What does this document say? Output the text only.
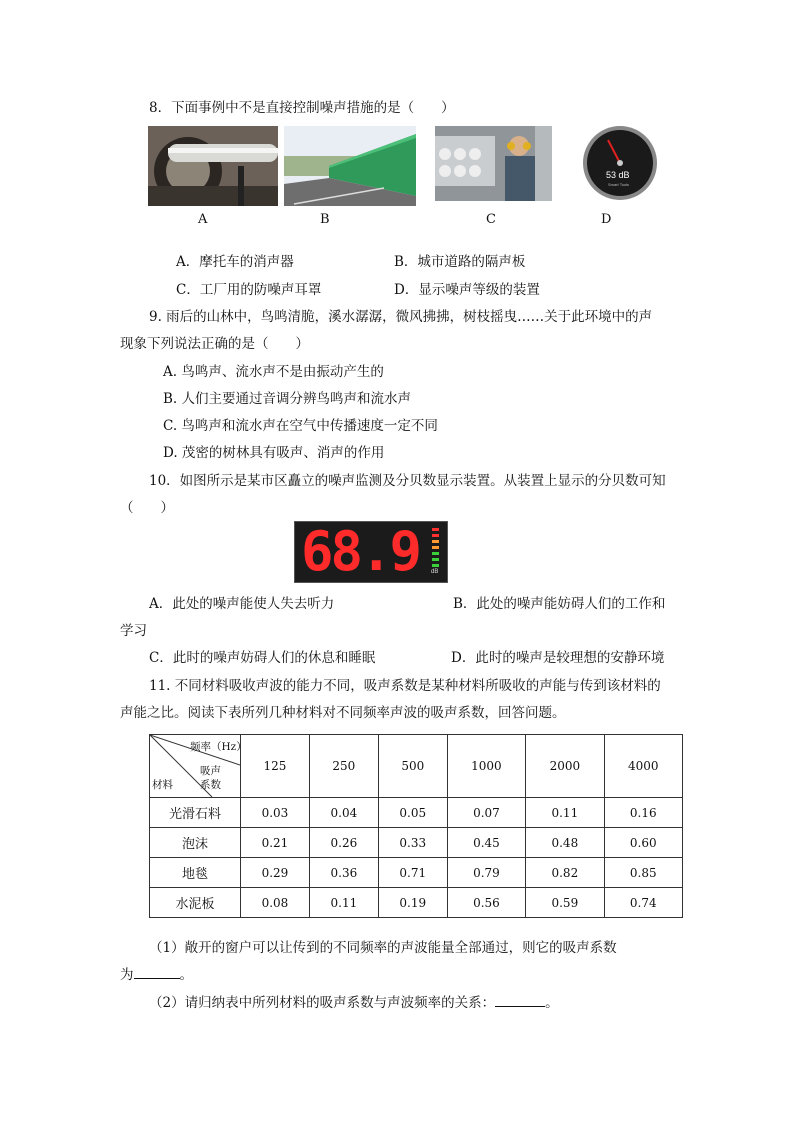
8．下面事例中不是直接控制噪声措施的是（　　）
A	B	C
53 dB
Smart Tools
D
A．摩托车的消声器	B．城市道路的隔声板
C．工厂用的防噪声耳罩	D．显示噪声等级的装置
9. 雨后的山林中，鸟鸣清脆，溪水潺潺，微风拂拂，树枝摇曳……关于此环境中的声
现象下列说法正确的是（　　）
A. 鸟鸣声、流水声不是由振动产生的
B. 人们主要通过音调分辨鸟鸣声和流水声
C. 鸟鸣声和流水声在空气中传播速度一定不同
D. 茂密的树林具有吸声、消声的作用
10．如图所示是某市区矗立的噪声监测及分贝数显示装置。从装置上显示的分贝数可知
（　　）
68.9 dB
A．此处的噪声能使人失去听力	B．此处的噪声能妨碍人们的工作和
学习
C．此时的噪声妨碍人们的休息和睡眠	D．此时的噪声是较理想的安静环境
11. 不同材料吸收声波的能力不同，吸声系数是某种材料所吸收的声能与传到该材料的
声能之比。阅读下表所列几种材料对不同频率声波的吸声系数，回答问题。
频率（Hz）
吸声
系数
材料	125	250	500	1000	2000	4000
光滑石料	0.03	0.04	0.05	0.07	0.11	0.16
泡沫	0.21	0.26	0.33	0.45	0.48	0.60
地毯	0.29	0.36	0.71	0.79	0.82	0.85
水泥板	0.08	0.11	0.19	0.56	0.59	0.74
（1）敞开的窗户可以让传到的不同频率的声波能量全部通过，则它的吸声系数
为	。
（2）请归纳表中所列材料的吸声系数与声波频率的关系：	。
